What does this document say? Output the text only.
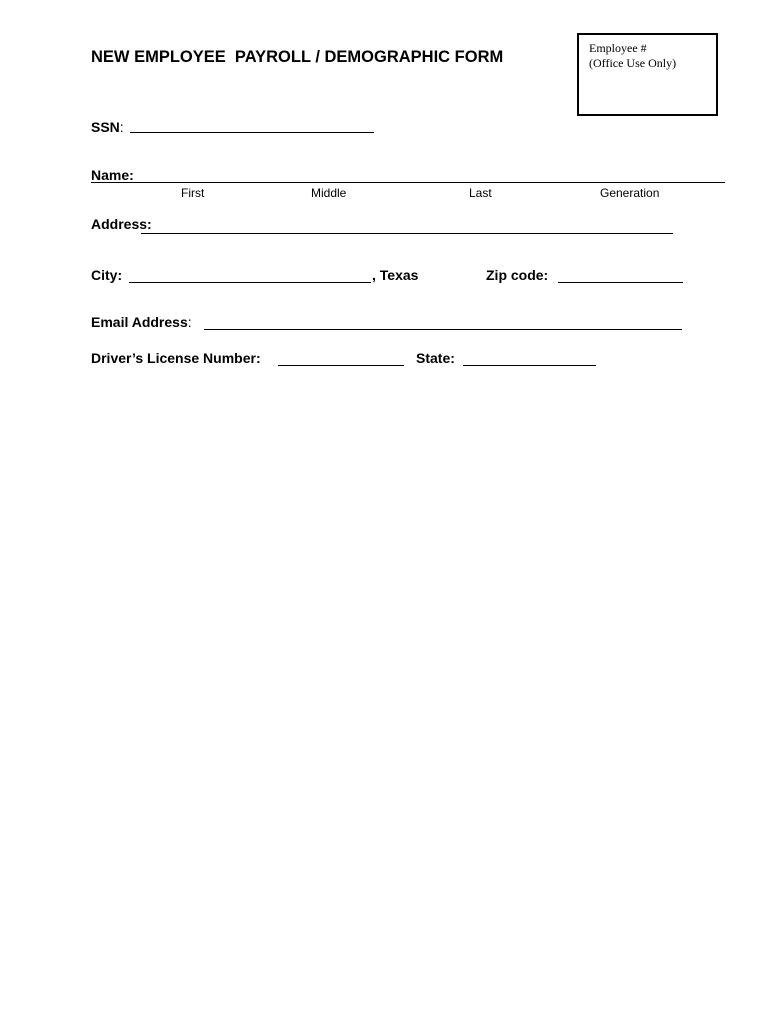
NEW EMPLOYEE  PAYROLL / DEMOGRAPHIC FORM	Employee #
(Office Use Only)
SSN:
Name:
First	Middle	Last	Generation
Address:
City:	, Texas	Zip code:
Email Address:
Driver’s License Number:	State:
